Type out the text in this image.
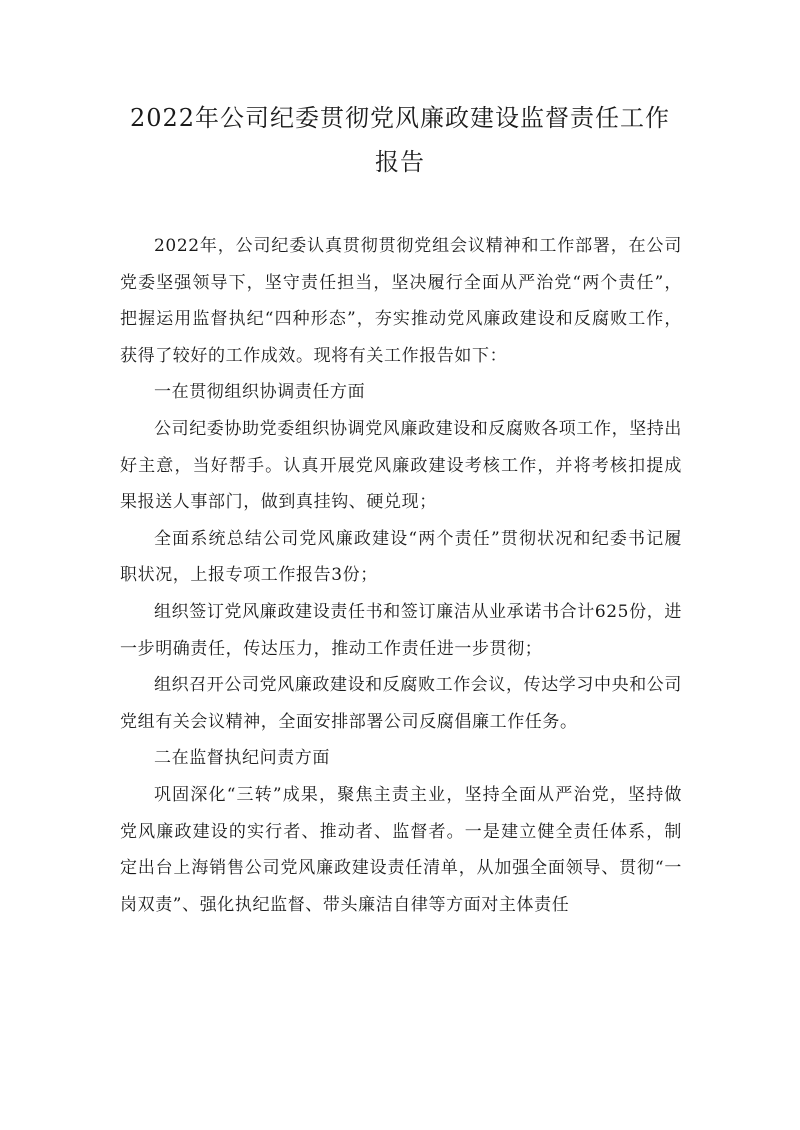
2022年公司纪委贯彻党风廉政建设监督责任工作报告

2022年，公司纪委认真贯彻贯彻党组会议精神和工作部署，在公司党委坚强领导下，坚守责任担当，坚决履行全面从严治党“两个责任”，把握运用监督执纪“四种形态”，夯实推动党风廉政建设和反腐败工作，获得了较好的工作成效。现将有关工作报告如下：

一在贯彻组织协调责任方面

公司纪委协助党委组织协调党风廉政建设和反腐败各项工作，坚持出好主意，当好帮手。认真开展党风廉政建设考核工作，并将考核扣提成果报送人事部门，做到真挂钩、硬兑现；

全面系统总结公司党风廉政建设“两个责任”贯彻状况和纪委书记履职状况，上报专项工作报告3份；

组织签订党风廉政建设责任书和签订廉洁从业承诺书合计625份，进一步明确责任，传达压力，推动工作责任进一步贯彻；

组织召开公司党风廉政建设和反腐败工作会议，传达学习中央和公司党组有关会议精神，全面安排部署公司反腐倡廉工作任务。

二在监督执纪问责方面

巩固深化“三转”成果，聚焦主责主业，坚持全面从严治党，坚持做党风廉政建设的实行者、推动者、监督者。一是建立健全责任体系，制定出台上海销售公司党风廉政建设责任清单，从加强全面领导、贯彻“一岗双责”、强化执纪监督、带头廉洁自律等方面对主体责任
